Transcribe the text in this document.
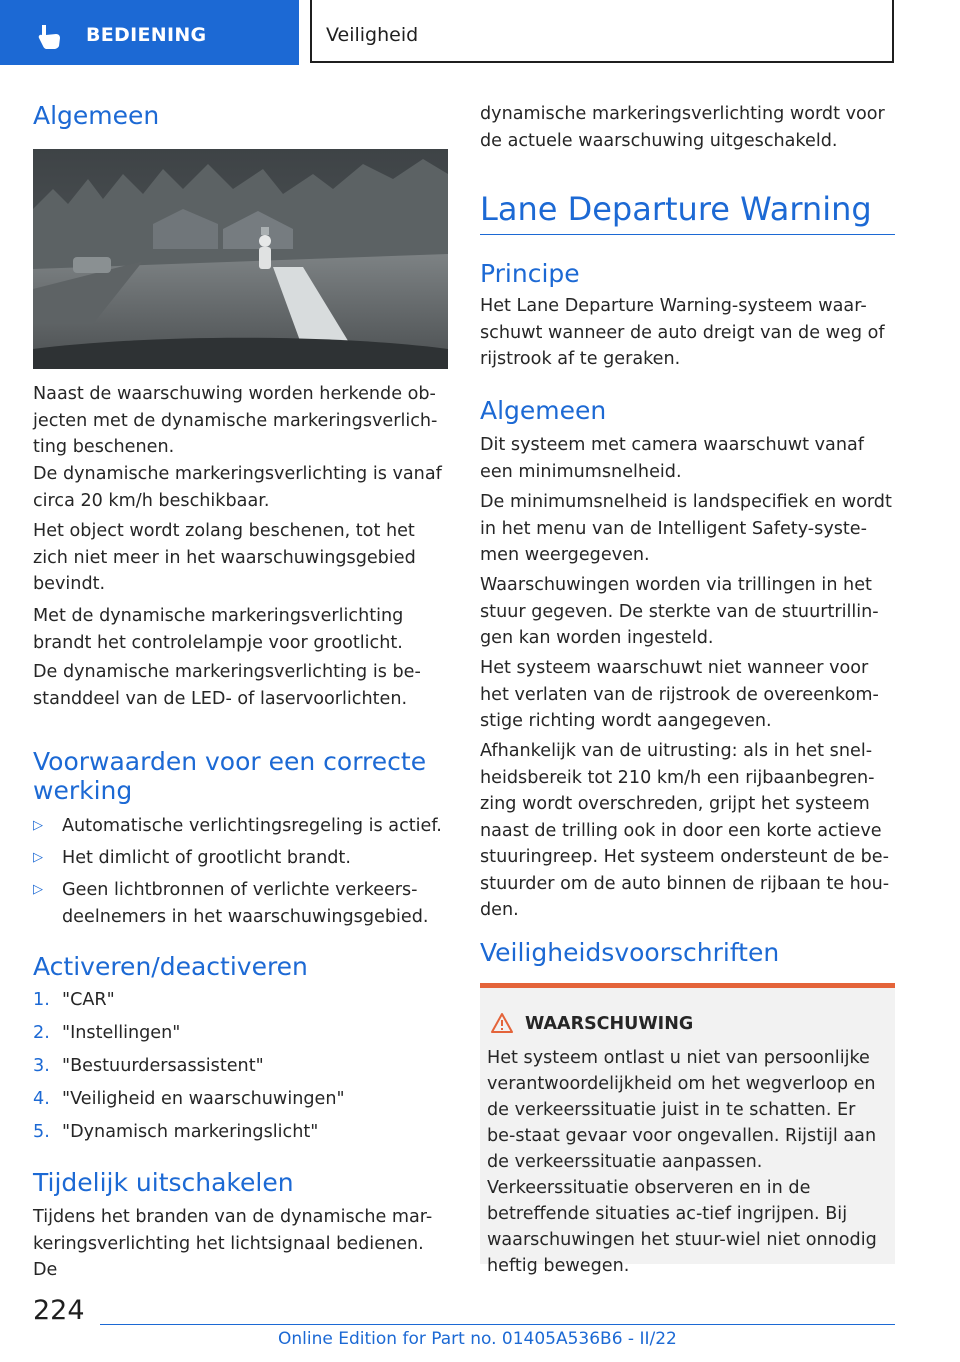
BEDIENING	Veiligheid
Algemeen
Naast de waarschuwing worden herkende ob-jecten met de dynamische markeringsverlich-ting beschenen.
De dynamische markeringsverlichting is vanaf circa 20 km/h beschikbaar.
Het object wordt zolang beschenen, tot het zich niet meer in het waarschuwingsgebied bevindt.
Met de dynamische markeringsverlichting brandt het controlelampje voor grootlicht.
De dynamische markeringsverlichting is be-standdeel van de LED- of laservoorlichten.
Voorwaarden voor een correcte werking
▷ Automatische verlichtingsregeling is actief.
▷ Het dimlicht of grootlicht brandt.
▷ Geen lichtbronnen of verlichte verkeers-deelnemers in het waarschuwingsgebied.
Activeren/deactiveren
1. "CAR"
2. "Instellingen"
3. "Bestuurdersassistent"
4. "Veiligheid en waarschuwingen"
5. "Dynamisch markeringslicht"
Tijdelijk uitschakelen
Tijdens het branden van de dynamische mar-keringsverlichting het lichtsignaal bedienen. De
dynamische markeringsverlichting wordt voor de actuele waarschuwing uitgeschakeld.
Lane Departure Warning
Principe
Het Lane Departure Warning-systeem waar-schuwt wanneer de auto dreigt van de weg of rijstrook af te geraken.
Algemeen
Dit systeem met camera waarschuwt vanaf een minimumsnelheid.
De minimumsnelheid is landspecifiek en wordt in het menu van de Intelligent Safety-syste-men weergegeven.
Waarschuwingen worden via trillingen in het stuur gegeven. De sterkte van de stuurtrillin-gen kan worden ingesteld.
Het systeem waarschuwt niet wanneer voor het verlaten van de rijstrook de overeenkom-stige richting wordt aangegeven.
Afhankelijk van de uitrusting: als in het snel-heidsbereik tot 210 km/h een rijbaanbegren-zing wordt overschreden, grijpt het systeem naast de trilling ook in door een korte actieve stuuringreep. Het systeem ondersteunt de be-stuurder om de auto binnen de rijbaan te hou-den.
Veiligheidsvoorschriften
WAARSCHUWING
Het systeem ontlast u niet van persoonlijke verantwoordelijkheid om het wegverloop en de verkeerssituatie juist in te schatten. Er be-staat gevaar voor ongevallen. Rijstijl aan de verkeerssituatie aanpassen. Verkeerssituatie observeren en in de betreffende situaties ac-tief ingrijpen. Bij waarschuwingen het stuur-wiel niet onnodig heftig bewegen.
224
Online Edition for Part no. 01405A536B6 - II/22
